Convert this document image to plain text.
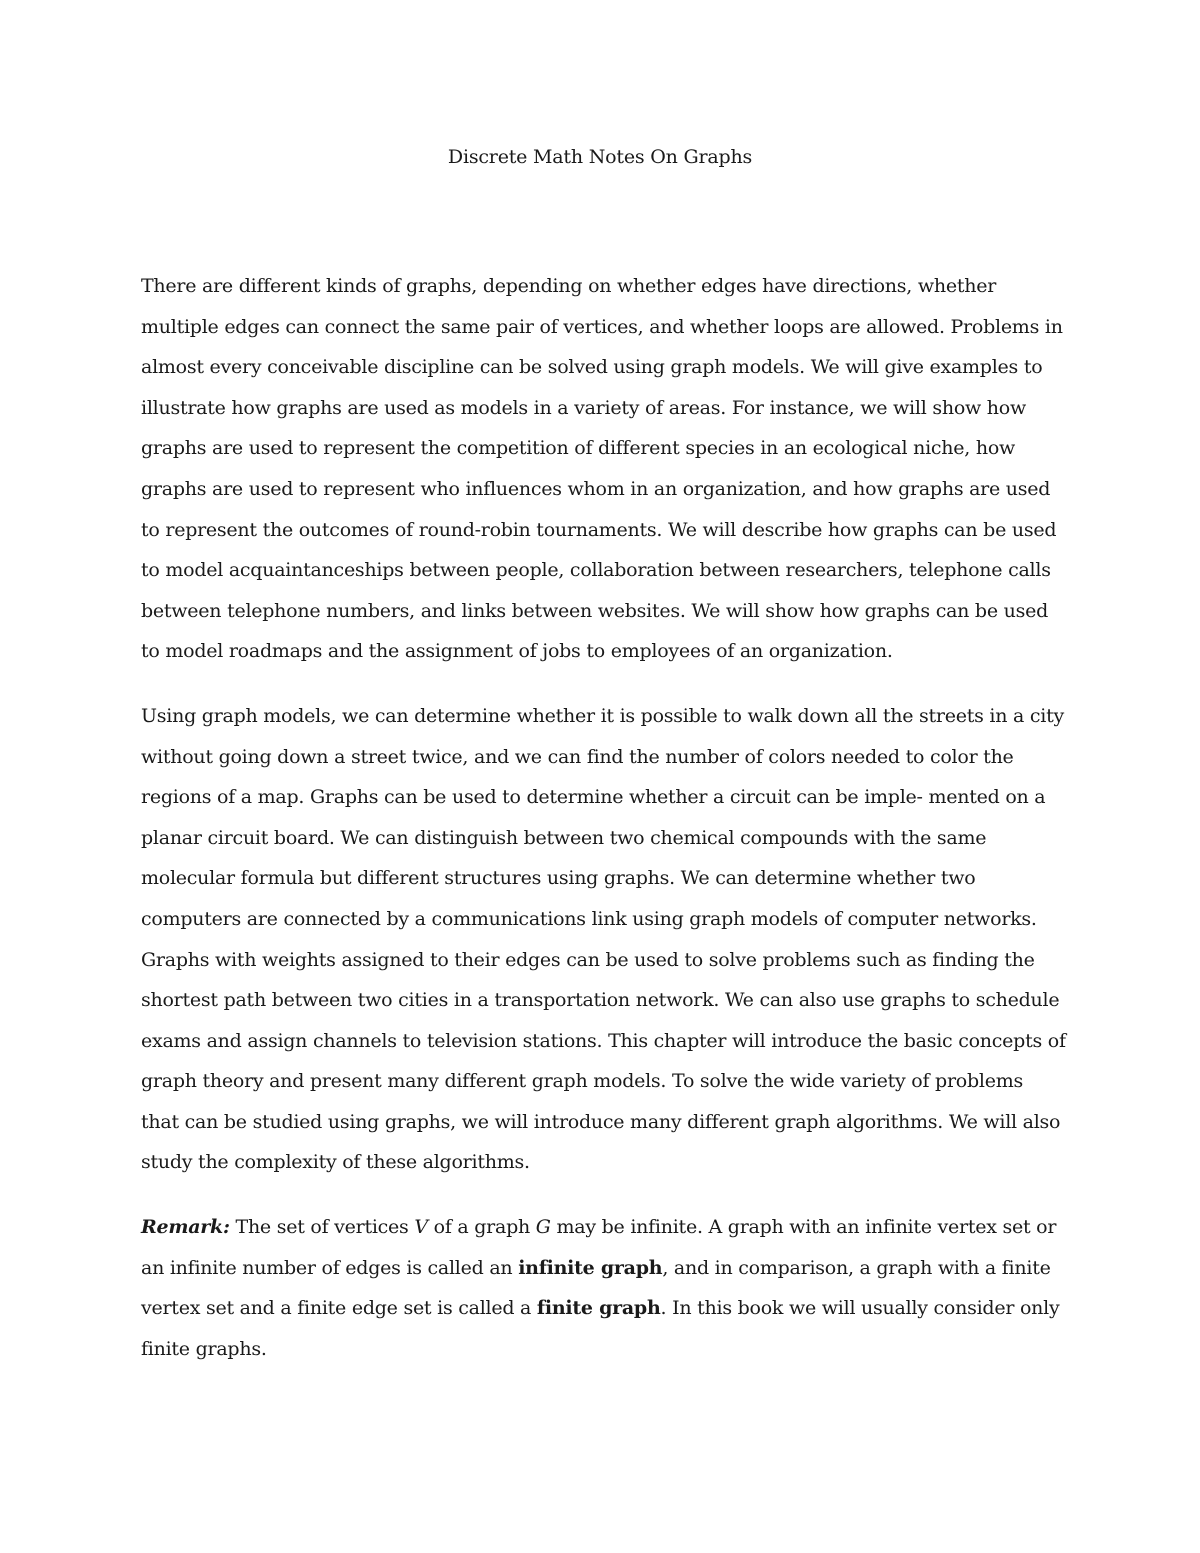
Discrete Math Notes On Graphs

There are different kinds of graphs, depending on whether edges have directions, whether multiple edges can connect the same pair of vertices, and whether loops are allowed. Problems in almost every conceivable discipline can be solved using graph models. We will give examples to illustrate how graphs are used as models in a variety of areas. For instance, we will show how graphs are used to represent the competition of different species in an ecological niche, how graphs are used to represent who influences whom in an organization, and how graphs are used to represent the outcomes of round-robin tournaments. We will describe how graphs can be used to model acquaintanceships between people, collaboration between researchers, telephone calls between telephone numbers, and links between websites. We will show how graphs can be used to model roadmaps and the assignment of jobs to employees of an organization.

Using graph models, we can determine whether it is possible to walk down all the streets in a city without going down a street twice, and we can find the number of colors needed to color the regions of a map. Graphs can be used to determine whether a circuit can be imple- mented on a planar circuit board. We can distinguish between two chemical compounds with the same molecular formula but different structures using graphs. We can determine whether two computers are connected by a communications link using graph models of computer networks. Graphs with weights assigned to their edges can be used to solve problems such as finding the shortest path between two cities in a transportation network. We can also use graphs to schedule exams and assign channels to television stations. This chapter will introduce the basic concepts of graph theory and present many different graph models. To solve the wide variety of problems that can be studied using graphs, we will introduce many different graph algorithms. We will also study the complexity of these algorithms.

Remark: The set of vertices V of a graph G may be infinite. A graph with an infinite vertex set or an infinite number of edges is called an infinite graph, and in comparison, a graph with a finite vertex set and a finite edge set is called a finite graph. In this book we will usually consider only finite graphs.
